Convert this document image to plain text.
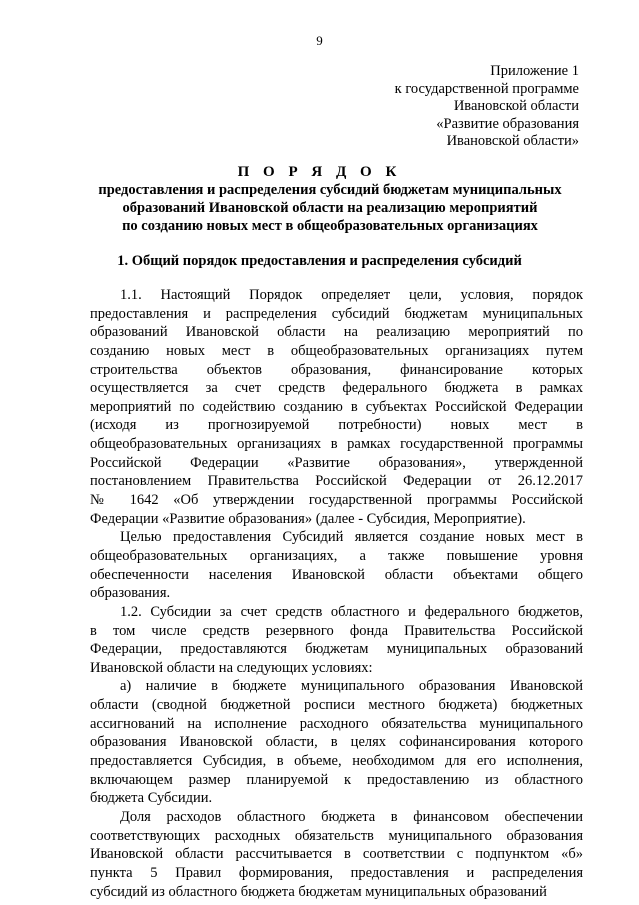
9
Приложение 1
к государственной программе
Ивановской области
«Развитие образования
Ивановской области»
П О Р Я Д О К
предоставления и распределения субсидий бюджетам муниципальных
образований Ивановской области на реализацию мероприятий
по созданию новых мест в общеобразовательных организациях
1. Общий порядок предоставления и распределения субсидий
1.1. Настоящий Порядок определяет цели, условия, порядок
предоставления и распределения субсидий бюджетам муниципальных
образований Ивановской области на реализацию мероприятий по
созданию новых мест в общеобразовательных организациях путем
строительства объектов образования, финансирование которых
осуществляется за счет средств федерального бюджета в рамках
мероприятий по содействию созданию в субъектах Российской Федерации
(исходя из прогнозируемой потребности) новых мест в
общеобразовательных организациях в рамках государственной программы
Российской Федерации «Развитие образования», утвержденной
постановлением Правительства Российской Федерации от 26.12.2017
№ 1642 «Об утверждении государственной программы Российской
Федерации «Развитие образования» (далее - Субсидия, Мероприятие).
Целью предоставления Субсидий является создание новых мест в
общеобразовательных организациях, а также повышение уровня
обеспеченности населения Ивановской области объектами общего
образования.
1.2. Субсидии за счет средств областного и федерального бюджетов,
в том числе средств резервного фонда Правительства Российской
Федерации, предоставляются бюджетам муниципальных образований
Ивановской области на следующих условиях:
а) наличие в бюджете муниципального образования Ивановской
области (сводной бюджетной росписи местного бюджета) бюджетных
ассигнований на исполнение расходного обязательства муниципального
образования Ивановской области, в целях софинансирования которого
предоставляется Субсидия, в объеме, необходимом для его исполнения,
включающем размер планируемой к предоставлению из областного
бюджета Субсидии.
Доля расходов областного бюджета в финансовом обеспечении
соответствующих расходных обязательств муниципального образования
Ивановской области рассчитывается в соответствии с подпунктом «б»
пункта 5 Правил формирования, предоставления и распределения
субсидий из областного бюджета бюджетам муниципальных образований
